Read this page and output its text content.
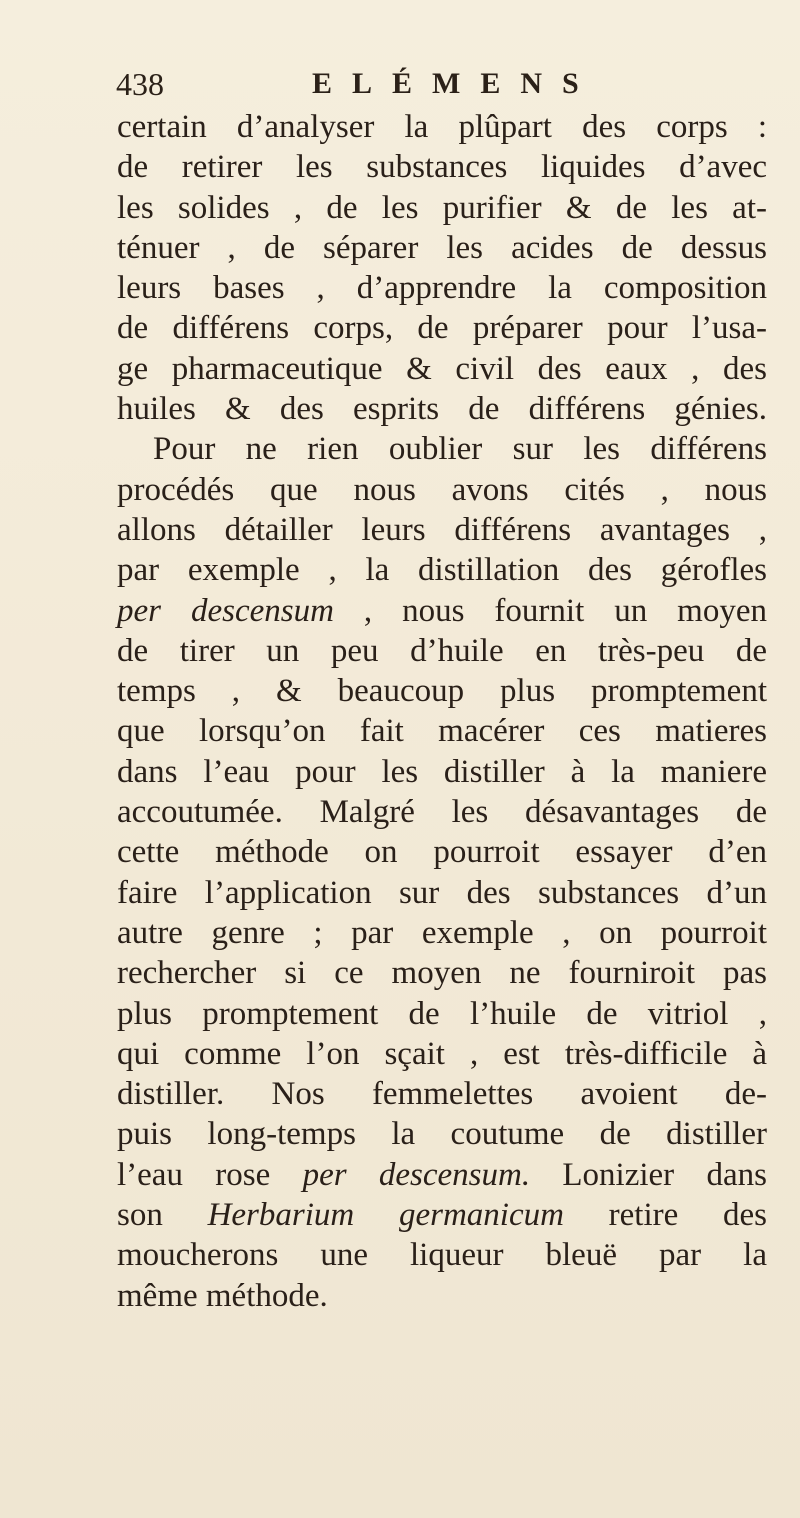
438	ELÉMENS
certain d’analyser la plûpart des corps :
de retirer les substances liquides d’avec
les solides , de les purifier & de les at-
ténuer , de séparer les acides de dessus
leurs bases , d’apprendre la composition
de différens corps, de préparer pour l’usa-
ge pharmaceutique & civil des eaux , des
huiles & des esprits de différens génies.
Pour ne rien oublier sur les différens
procédés que nous avons cités , nous
allons détailler leurs différens avantages ,
par exemple , la distillation des gérofles
per descensum , nous fournit un moyen
de tirer un peu d’huile en très-peu de
temps , & beaucoup plus promptement
que lorsqu’on fait macérer ces matieres
dans l’eau pour les distiller à la maniere
accoutumée. Malgré les désavantages de
cette méthode on pourroit essayer d’en
faire l’application sur des substances d’un
autre genre ; par exemple , on pourroit
rechercher si ce moyen ne fourniroit pas
plus promptement de l’huile de vitriol ,
qui comme l’on sçait , est très-difficile à
distiller. Nos femmelettes avoient de-
puis long-temps la coutume de distiller
l’eau rose per descensum. Lonizier dans
son Herbarium germanicum retire des
moucherons une liqueur bleuë par la
même méthode.
